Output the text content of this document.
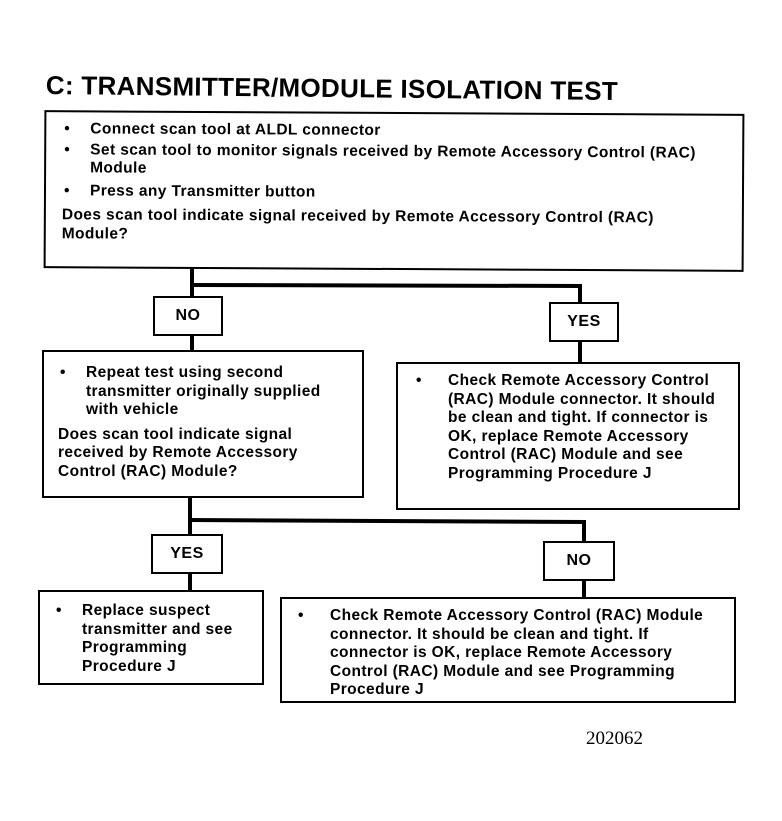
C: TRANSMITTER/MODULE ISOLATION TEST
• Connect scan tool at ALDL connector
• Set scan tool to monitor signals received by Remote Accessory Control (RAC) Module
• Press any Transmitter button
Does scan tool indicate signal received by Remote Accessory Control (RAC) Module?
NO	YES
• Repeat test using second transmitter originally supplied with vehicle
Does scan tool indicate signal received by Remote Accessory Control (RAC) Module?
• Check Remote Accessory Control (RAC) Module connector. It should be clean and tight. If connector is OK, replace Remote Accessory Control (RAC) Module and see Programming Procedure J
YES	NO
• Replace suspect transmitter and see Programming Procedure J
• Check Remote Accessory Control (RAC) Module connector. It should be clean and tight. If connector is OK, replace Remote Accessory Control (RAC) Module and see Programming Procedure J
202062
